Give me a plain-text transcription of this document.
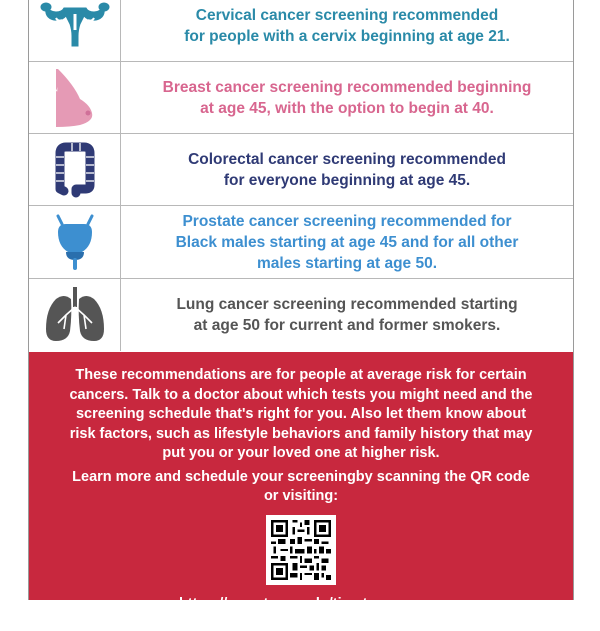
Cervical cancer screening recommended
for people with a cervix beginning at age 21.
Breast cancer screening recommended beginning
at age 45, with the option to begin at 40.
Colorectal cancer screening recommended
for everyone beginning at age 45.
Prostate cancer screening recommended for
Black males starting at age 45 and for all other
males starting at age 50.
Lung cancer screening recommended starting
at age 50 for current and former smokers.
These recommendations are for people at average risk for certain cancers. Talk to a doctor about which tests you might need and the screening schedule that's right for you. Also let them know about risk factors, such as lifestyle behaviors and family history that may put you or your loved one at higher risk.
Learn more and schedule your screeningby scanning the QR code or visiting:
https://go.rutgers.edu/timetoscreen
#StayInformedGetScreened
